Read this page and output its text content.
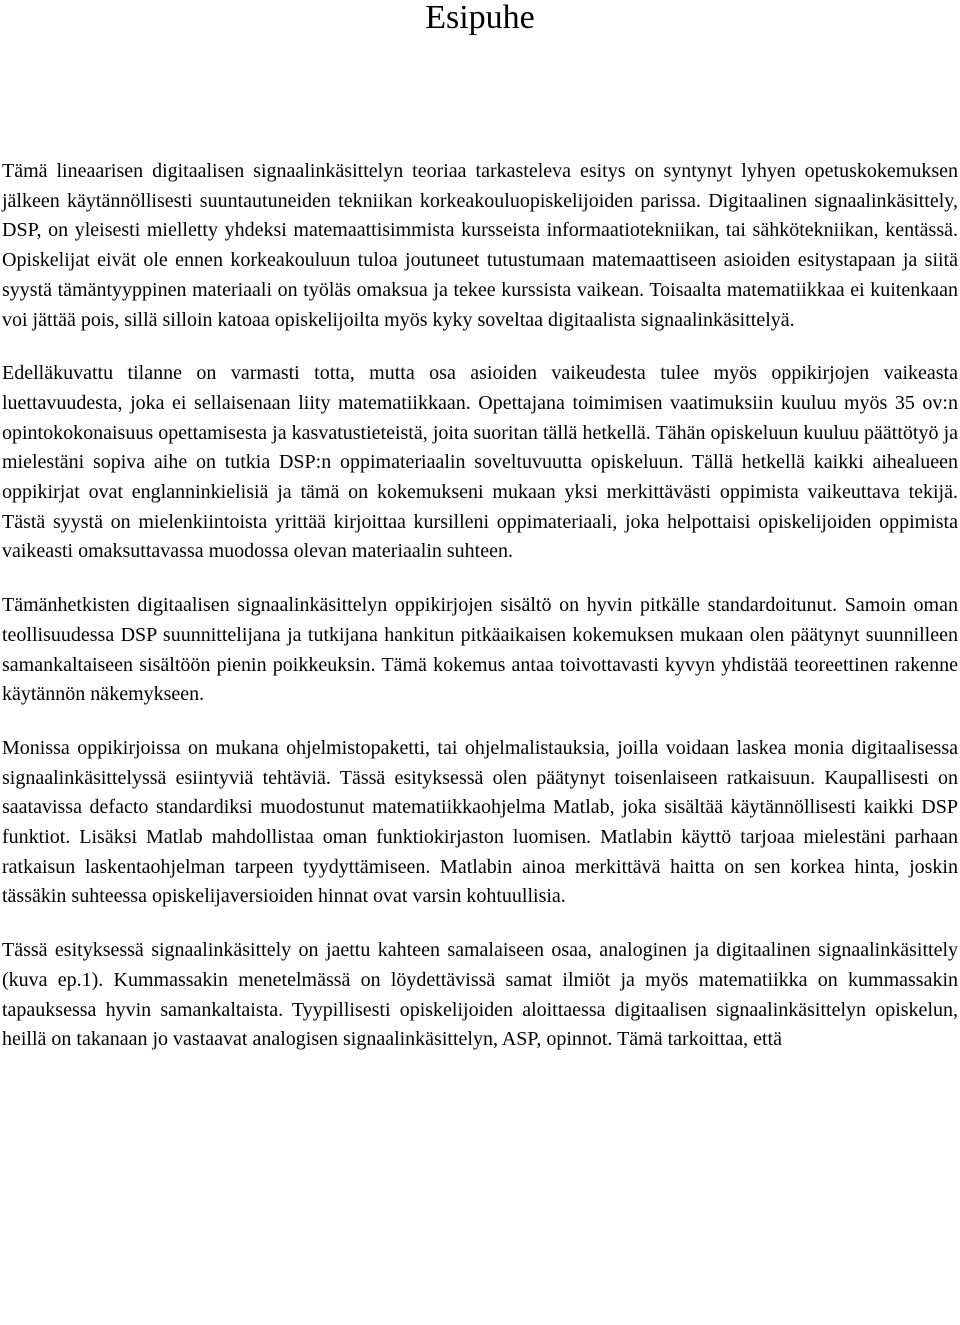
Esipuhe

Tämä lineaarisen digitaalisen signaalinkäsittelyn teoriaa tarkasteleva esitys on syntynyt lyhyen opetuskokemuksen jälkeen käytännöllisesti suuntautuneiden tekniikan korkeakouluopiskelijoiden parissa. Digitaalinen signaalinkäsittely, DSP, on yleisesti mielletty yhdeksi matemaattisimmista kursseista informaatiotekniikan, tai sähkötekniikan, kentässä. Opiskelijat eivät ole ennen korkeakouluun tuloa joutuneet tutustumaan matemaattiseen asioiden esitystapaan ja siitä syystä tämäntyyppinen materiaali on työläs omaksua ja tekee kurssista vaikean. Toisaalta matematiikkaa ei kuitenkaan voi jättää pois, sillä silloin katoaa opiskelijoilta myös kyky soveltaa digitaalista signaalinkäsittelyä.

Edelläkuvattu tilanne on varmasti totta, mutta osa asioiden vaikeudesta tulee myös oppikirjojen vaikeasta luettavuudesta, joka ei sellaisenaan liity matematiikkaan. Opettajana toimimisen vaatimuksiin kuuluu myös 35 ov:n opintokokonaisuus opettamisesta ja kasvatustieteistä, joita suoritan tällä hetkellä. Tähän opiskeluun kuuluu päättötyö ja mielestäni sopiva aihe on tutkia DSP:n oppimateriaalin soveltuvuutta opiskeluun. Tällä hetkellä kaikki aihealueen oppikirjat ovat englanninkielisiä ja tämä on kokemukseni mukaan yksi merkittävästi oppimista vaikeuttava tekijä. Tästä syystä on mielenkiintoista yrittää kirjoittaa kursilleni oppimateriaali, joka helpottaisi opiskelijoiden oppimista vaikeasti omaksuttavassa muodossa olevan materiaalin suhteen.

Tämänhetkisten digitaalisen signaalinkäsittelyn oppikirjojen sisältö on hyvin pitkälle standardoitunut. Samoin oman teollisuudessa DSP suunnittelijana ja tutkijana hankitun pitkäaikaisen kokemuksen mukaan olen päätynyt suunnilleen samankaltaiseen sisältöön pienin poikkeuksin. Tämä kokemus antaa toivottavasti kyvyn yhdistää teoreettinen rakenne käytännön näkemykseen.

Monissa oppikirjoissa on mukana ohjelmistopaketti, tai ohjelmalistauksia, joilla voidaan laskea monia digitaalisessa signaalinkäsittelyssä esiintyviä tehtäviä. Tässä esityksessä olen päätynyt toisenlaiseen ratkaisuun. Kaupallisesti on saatavissa defacto standardiksi muodostunut matematiikkaohjelma Matlab, joka sisältää käytännöllisesti kaikki DSP funktiot. Lisäksi Matlab mahdollistaa oman funktiokirjaston luomisen. Matlabin käyttö tarjoaa mielestäni parhaan ratkaisun laskentaohjelman tarpeen tyydyttämiseen. Matlabin ainoa merkittävä haitta on sen korkea hinta, joskin tässäkin suhteessa opiskelijaversioiden hinnat ovat varsin kohtuullisia.

Tässä esityksessä signaalinkäsittely on jaettu kahteen samalaiseen osaa, analoginen ja digitaalinen signaalinkäsittely (kuva ep.1). Kummassakin menetelmässä on löydettävissä samat ilmiöt ja myös matematiikka on kummassakin tapauksessa hyvin samankaltaista. Tyypillisesti opiskelijoiden aloittaessa digitaalisen signaalinkäsittelyn opiskelun, heillä on takanaan jo vastaavat analogisen signaalinkäsittelyn, ASP, opinnot. Tämä tarkoittaa, että
